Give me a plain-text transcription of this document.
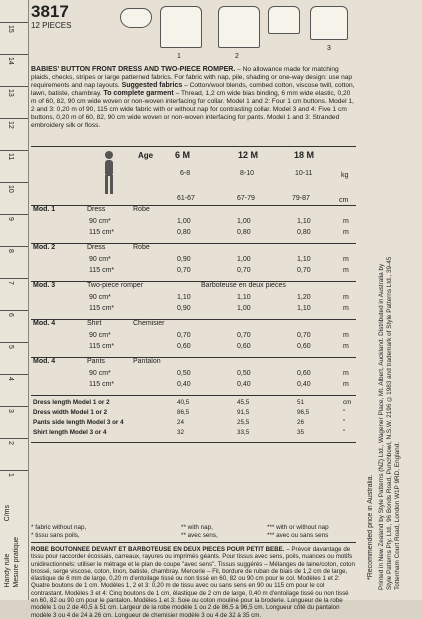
Handy rule Mesure pratique
C/ms
15
14
13
12
11
10
9
8
7
6
5
4
3
2
1
3817
12 PIECES
1	2
3
BABIES' BUTTON FRONT DRESS AND TWO-PIECE ROMPER. – No allowance made for matching plaids, checks, stripes or large patterned fabrics. For fabric with nap, pile, shading or one-way design: use nap requirements and nap layouts. Suggested fabrics – Cotton/wool blends, combed cotton, viscose twill, cotton, lawn, batiste, chambray. To complete garment – Thread, 1,2 cm wide bias binding, 6 mm wide elastic, 0,20 m of 60, 82, 90 cm wide woven or non-woven interfacing for collar. Model 1 and 2: Four 1 cm buttons. Model 1, 2 and 3: 0,20 m of 90, 115 cm wide fabric with or without nap for contrasting collar. Model 3 and 4: Five 1 cm buttons, 0,20 m of 60, 82, 90 cm wide woven or non-woven interfacing for pants. Model 1 and 3: Stranded embroidery silk or floss.
Age 6 M	12 M	18 M
6-8	8-10	10-11	kg
61-67	67-79	79-87	cm
Mod. 1	Dress	Robe
90 cm*	1,00	1,00	1,10	m
115 cm*	0,80	0,80	0,80	m
Mod. 2	Dress	Robe
90 cm*	0,90	1,00	1,10	m
115 cm*	0,70	0,70	0,70	m
Mod. 3	Two-piece romper	Barboteuse en deux pieces
90 cm*	1,10	1,10	1,20	m
115 cm*	0,90	1,00	1,10	m
Mod. 4	Shirt	Chemisier
90 cm*	0,70	0,70	0,70	m
115 cm*	0,60	0,60	0,60	m
Mod. 4	Pants	Pantalon
90 cm*	0,50	0,50	0,60	m
115 cm*	0,40	0,40	0,40	m
Dress length Model 1 or 2	40,5	45,5	51	cm
Dress width Model 1 or 2	86,5	91,5	96,5	"
Pants side length Model 3 or 4	24	25,5	26	"
Shirt length Model 3 or 4	32	33,5	35	"
* fabric without nap,
* tissu sans poils,
** with nap,
** avec sens,
*** with or without nap
*** avec ou sans sens
ROBE BOUTONNEE DEVANT ET BARBOTEUSE EN DEUX PIECES POUR PETIT BEBE. – Prévoir davantage de tissu pour raccorder écossais, carreaux, rayures ou imprimés géants. Pour tissus avec sens, poils, nuances ou motifs unidirectionnels: utiliser le métrage et le plan de coupe "avec sens". Tissus suggérés – Mélanges de laine/coton, coton brossé, serge viscose, coton, linon, batiste, chambray. Mercerie – Fil, bordure de ruban de biais de 1,2 cm de large, élastique de 6 mm de large, 0,20 m d'entoilage tissé ou non tissé en 60, 82 ou 90 cm pour le col. Modèles 1 et 2: Quatre boutons de 1 cm. Modèles 1, 2 et 3: 0,20 m de tissu avec ou sans sens en 90 ou 115 cm pour le col contrastant. Modèles 3 et 4: Cinq boutons de 1 cm, élastique de 2 cm de large, 0,40 m d'entoilage tissé ou non tissé en 60, 82 ou 90 cm pour le pantalon. Modèles 1 et 3: Soie ou coton mouliné pour la broderie. Longueur de la robe modèle 1 ou 2 de 40,5 à 51 cm. Largeur de la robe modèle 1 ou 2 de 86,5 à 96,5 cm. Longueur côté du pantalon modèle 3 ou 4 de 24 à 26 cm. Longueur de chemisier modèle 3 ou 4 de 32 à 35 cm.
*Recommended price in Australia. Printed in New Zealand by Style Patterns (NZ) Ltd., Wagener Place, Mt. Albert, Auckland. Distributed in Australia by Style Patterns Pty. Ltd., 96 Bonds Road, Punchbowl, N.S.W. 2196 ©1983 and trademark of Style Patterns Ltd., 39-45 Tottenham Court Road, London W1P 9RD, England.
